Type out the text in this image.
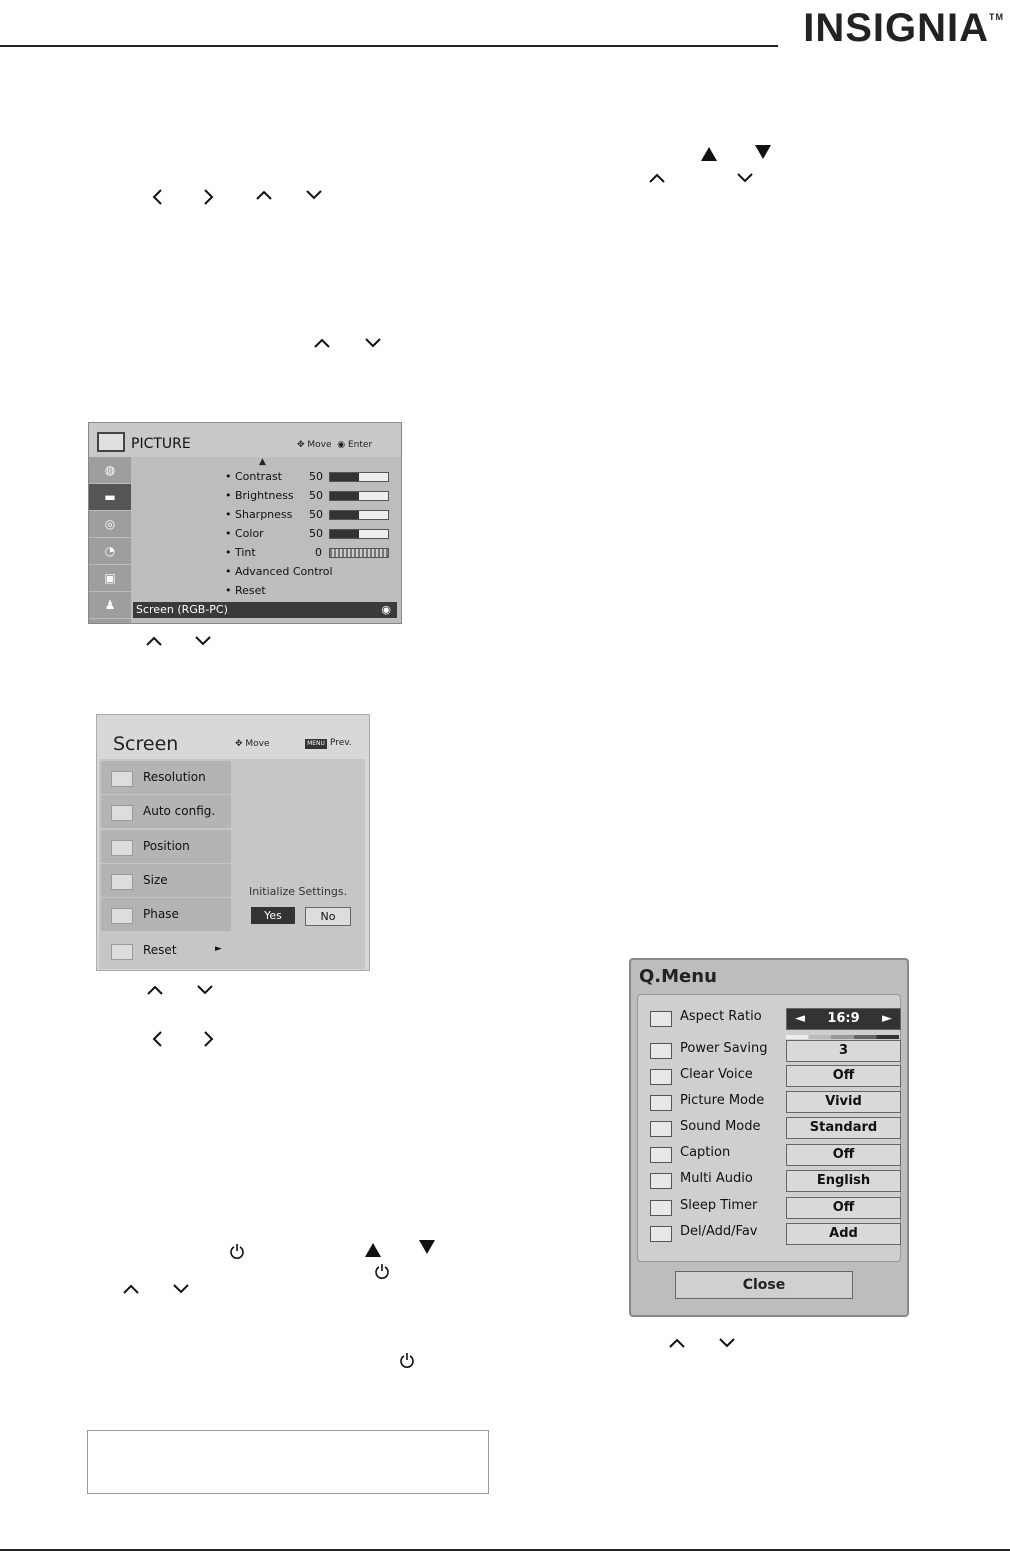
INSIGNIA™
PICTURE	✥ Move  ◉ Enter
◍
▬
◎
◔
▣
♟
▲
• Contrast 50
• Brightness 50
• Sharpness 50
• Color	50
• Tint	0
• Advanced Control
• Reset
Screen (RGB-PC)	◉
Screen	✥ Move	MENU Prev.
Resolution
Auto config.
Position
Size
Phase
Reset	►
Initialize Settings.
Yes	No
Q.Menu
Aspect Ratio	◄ 16:9 ►
Power Saving	3
Clear Voice	Off
Picture Mode	Vivid
Sound Mode	Standard
Caption	Off
Multi Audio	English
Sleep Timer	Off
Del/Add/Fav	Add
Close
